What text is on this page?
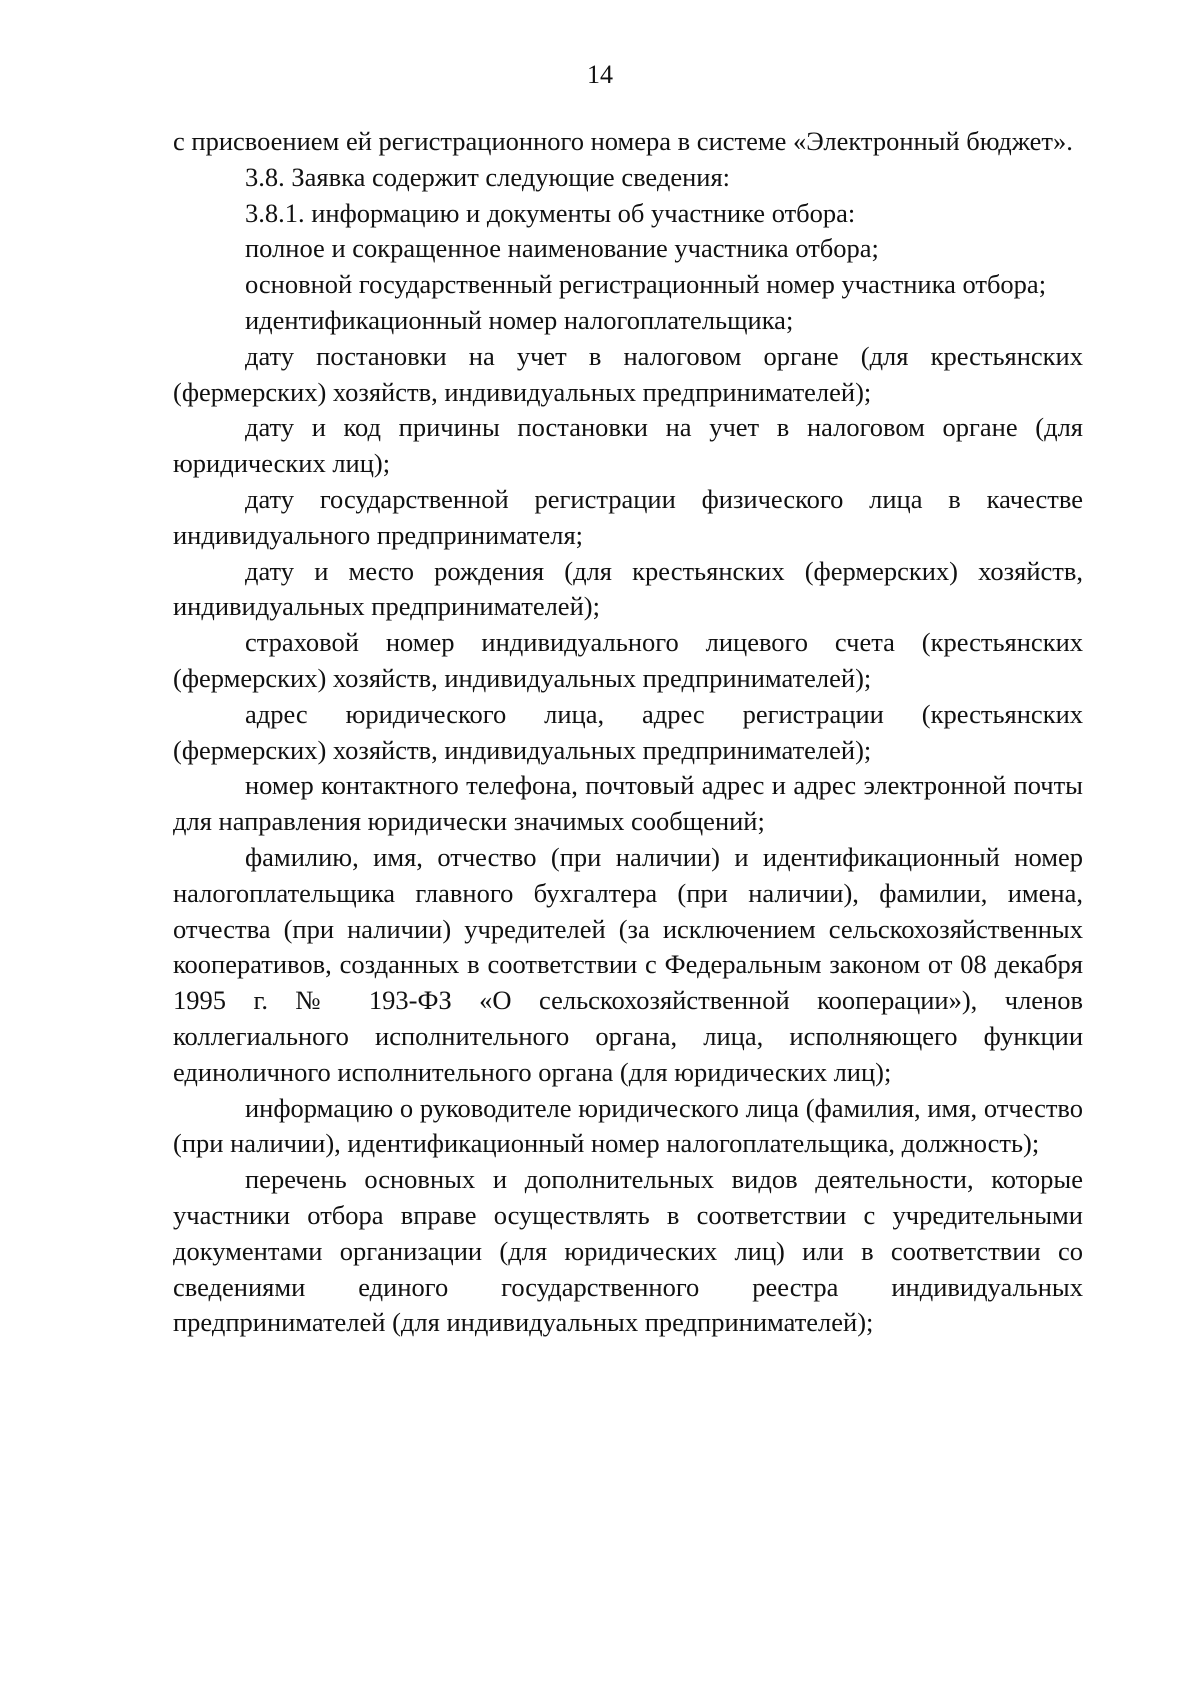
14

с присвоением ей регистрационного номера в системе «Электронный бюджет».

3.8. Заявка содержит следующие сведения:

3.8.1. информацию и документы об участнике отбора:

полное и сокращенное наименование участника отбора;

основной государственный регистрационный номер участника отбора;

идентификационный номер налогоплательщика;

дату постановки на учет в налоговом органе (для крестьянских (фермерских) хозяйств, индивидуальных предпринимателей);

дату и код причины постановки на учет в налоговом органе (для юридических лиц);

дату государственной регистрации физического лица в качестве индивидуального предпринимателя;

дату и место рождения (для крестьянских (фермерских) хозяйств, индивидуальных предпринимателей);

страховой номер индивидуального лицевого счета (крестьянских (фермерских) хозяйств, индивидуальных предпринимателей);

адрес юридического лица, адрес регистрации (крестьянских (фермерских) хозяйств, индивидуальных предпринимателей);

номер контактного телефона, почтовый адрес и адрес электронной почты для направления юридически значимых сообщений;

фамилию, имя, отчество (при наличии) и идентификационный номер налогоплательщика главного бухгалтера (при наличии), фамилии, имена, отчества (при наличии) учредителей (за исключением сельскохозяйственных кооперативов, созданных в соответствии с Федеральным законом от 08 декабря 1995 г. № 193-ФЗ «О сельскохозяйственной кооперации»), членов коллегиального исполнительного органа, лица, исполняющего функции единоличного исполнительного органа (для юридических лиц);

информацию о руководителе юридического лица (фамилия, имя, отчество (при наличии), идентификационный номер налогоплательщика, должность);

перечень основных и дополнительных видов деятельности, которые участники отбора вправе осуществлять в соответствии с учредительными документами организации (для юридических лиц) или в соответствии со сведениями единого государственного реестра индивидуальных предпринимателей (для индивидуальных предпринимателей);
